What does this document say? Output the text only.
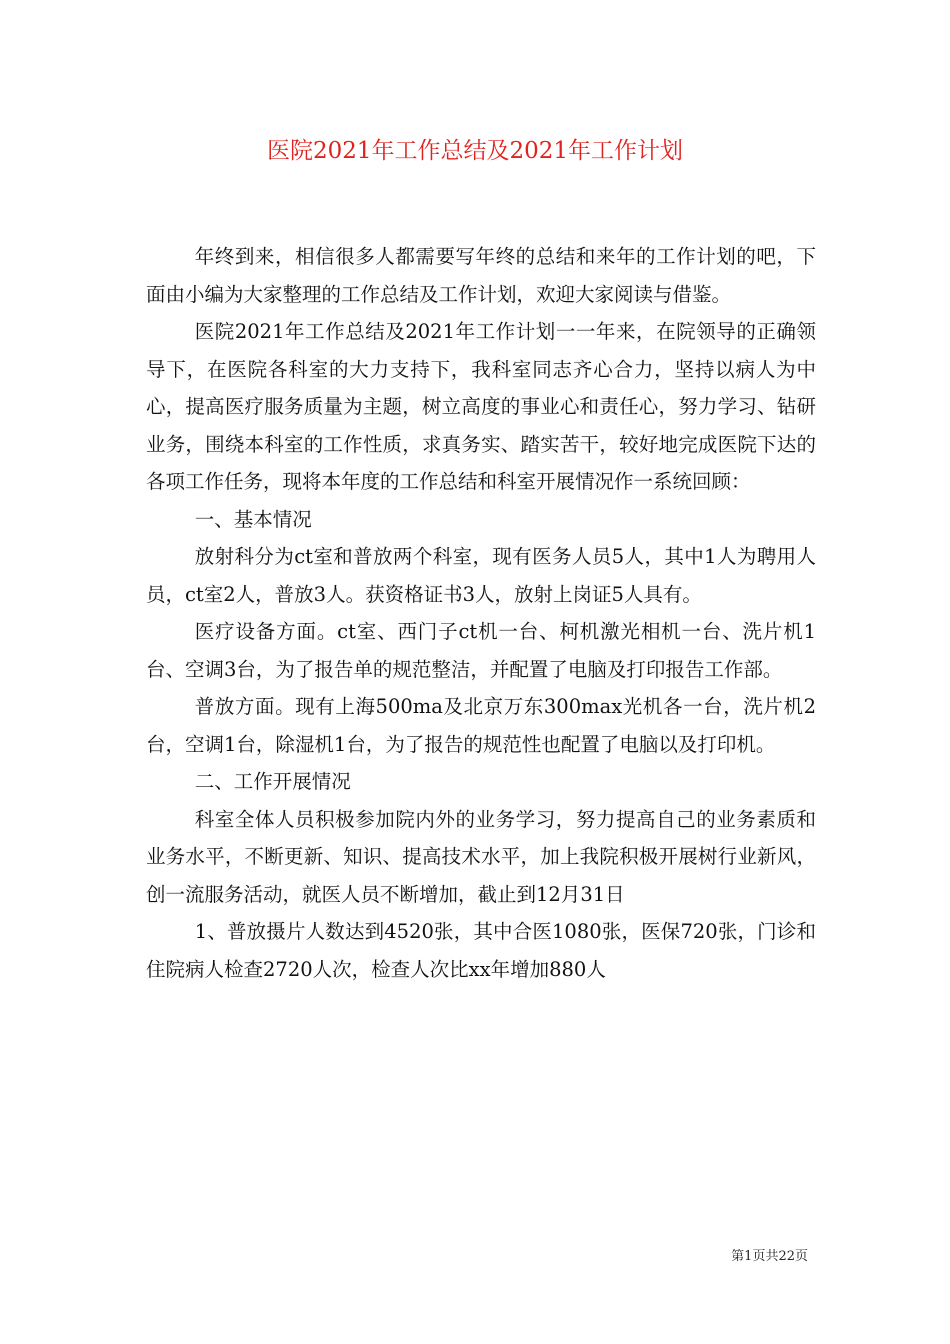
医院2021年工作总结及2021年工作计划

年终到来，相信很多人都需要写年终的总结和来年的工作计划的吧，下面由小编为大家整理的工作总结及工作计划，欢迎大家阅读与借鉴。

医院2021年工作总结及2021年工作计划一一年来，在院领导的正确领导下，在医院各科室的大力支持下，我科室同志齐心合力，坚持以病人为中心，提高医疗服务质量为主题，树立高度的事业心和责任心，努力学习、钻研业务，围绕本科室的工作性质，求真务实、踏实苦干，较好地完成医院下达的各项工作任务，现将本年度的工作总结和科室开展情况作一系统回顾：

一、基本情况

放射科分为ct室和普放两个科室，现有医务人员5人，其中1人为聘用人员，ct室2人，普放3人。获资格证书3人，放射上岗证5人具有。

医疗设备方面。ct室、西门子ct机一台、柯机激光相机一台、洗片机1台、空调3台，为了报告单的规范整洁，并配置了电脑及打印报告工作部。

普放方面。现有上海500ma及北京万东300max光机各一台，洗片机2台，空调1台，除湿机1台，为了报告的规范性也配置了电脑以及打印机。

二、工作开展情况

科室全体人员积极参加院内外的业务学习，努力提高自己的业务素质和业务水平，不断更新、知识、提高技术水平，加上我院积极开展树行业新风，创一流服务活动，就医人员不断增加，截止到12月31日

1、普放摄片人数达到4520张，其中合医1080张，医保720张，门诊和住院病人检查2720人次，检查人次比xx年增加880人

第1页共22页
